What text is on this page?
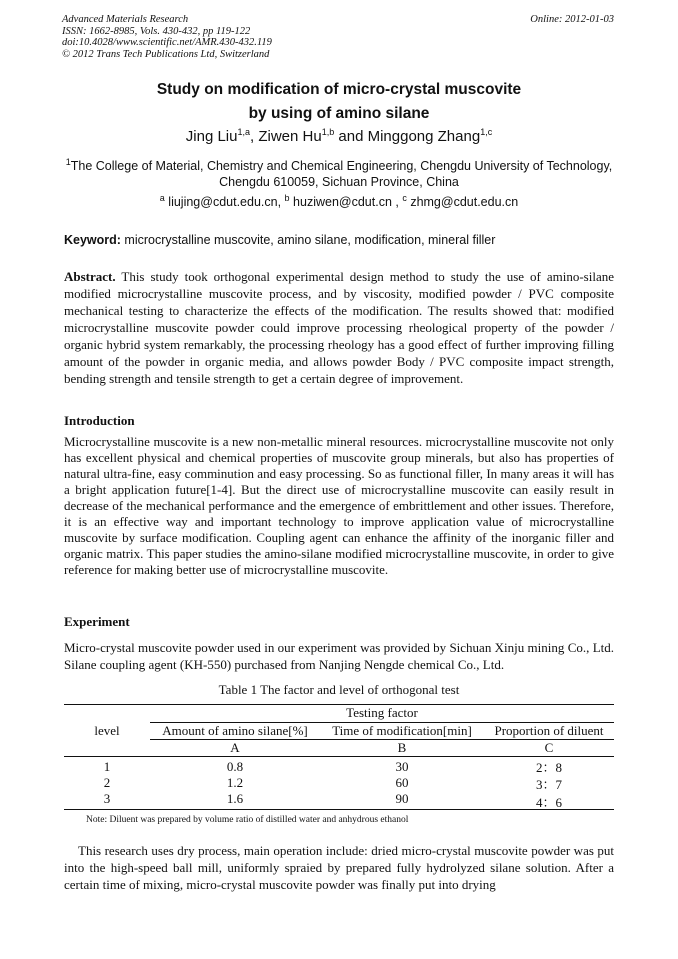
Advanced Materials Research
ISSN: 1662-8985, Vols. 430-432, pp 119-122
doi:10.4028/www.scientific.net/AMR.430-432.119
© 2012 Trans Tech Publications Ltd, Switzerland
Online: 2012-01-03
Study on modification of micro-crystal muscovite
by using of amino silane
Jing Liu$^{1,a}$, Ziwen Hu$^{1,b}$ and Minggong Zhang$^{1,c}$
$^1$The College of Material, Chemistry and Chemical Engineering, Chengdu University of Technology,
Chengdu 610059, Sichuan Province, China
$^a$ liujing@cdut.edu.cn, $^b$ huziwen@cdut.cn , $^c$ zhmg@cdut.edu.cn
Keyword: microcrystalline muscovite, amino silane, modification, mineral filler

Abstract. This study took orthogonal experimental design method to study the use of amino-silane modified microcrystalline muscovite process, and by viscosity, modified powder / PVC composite mechanical testing to characterize the effects of the modification. The results showed that: modified microcrystalline muscovite powder could improve processing rheological property of the powder / organic hybrid system remarkably, the processing rheology has a good effect of further improving filling amount of the powder in organic media, and allows powder Body / PVC composite impact strength, bending strength and tensile strength to get a certain degree of improvement.

Introduction

Microcrystalline muscovite is a new non-metallic mineral resources. microcrystalline muscovite not only has excellent physical and chemical properties of muscovite group minerals, but also has properties of natural ultra-fine, easy comminution and easy processing. So as functional filler, In many areas it will has a bright application future[1-4]. But the direct use of microcrystalline muscovite can easily result in decrease of the mechanical performance and the emergence of embrittlement and other issues. Therefore, it is an effective way and important technology to improve application value of microcrystalline muscovite by surface modification. Coupling agent can enhance the affinity of the inorganic filler and organic matrix. This paper studies the amino-silane modified microcrystalline muscovite, in order to give reference for making better use of microcrystalline muscovite.

Experiment

Micro-crystal muscovite powder used in our experiment was provided by Sichuan Xinju mining Co., Ltd. Silane coupling agent (KH-550) purchased from Nanjing Nengde chemical Co., Ltd.

Table 1 The factor and level of orthogonal test
level
Testing factor
Amount of amino silane[%]	Time of modification[min]	Proportion of diluent
A	B	C
1	0.8	30	2：8
2	1.2	60	3：7
3	1.6	90	4：6
Note: Diluent was prepared by volume ratio of distilled water and anhydrous ethanol

This research uses dry process, main operation include: dried micro-crystal muscovite powder was put into the high-speed ball mill, uniformly spraied by prepared fully hydrolyzed silane solution. After a certain time of mixing, micro-crystal muscovite powder was finally put into drying
